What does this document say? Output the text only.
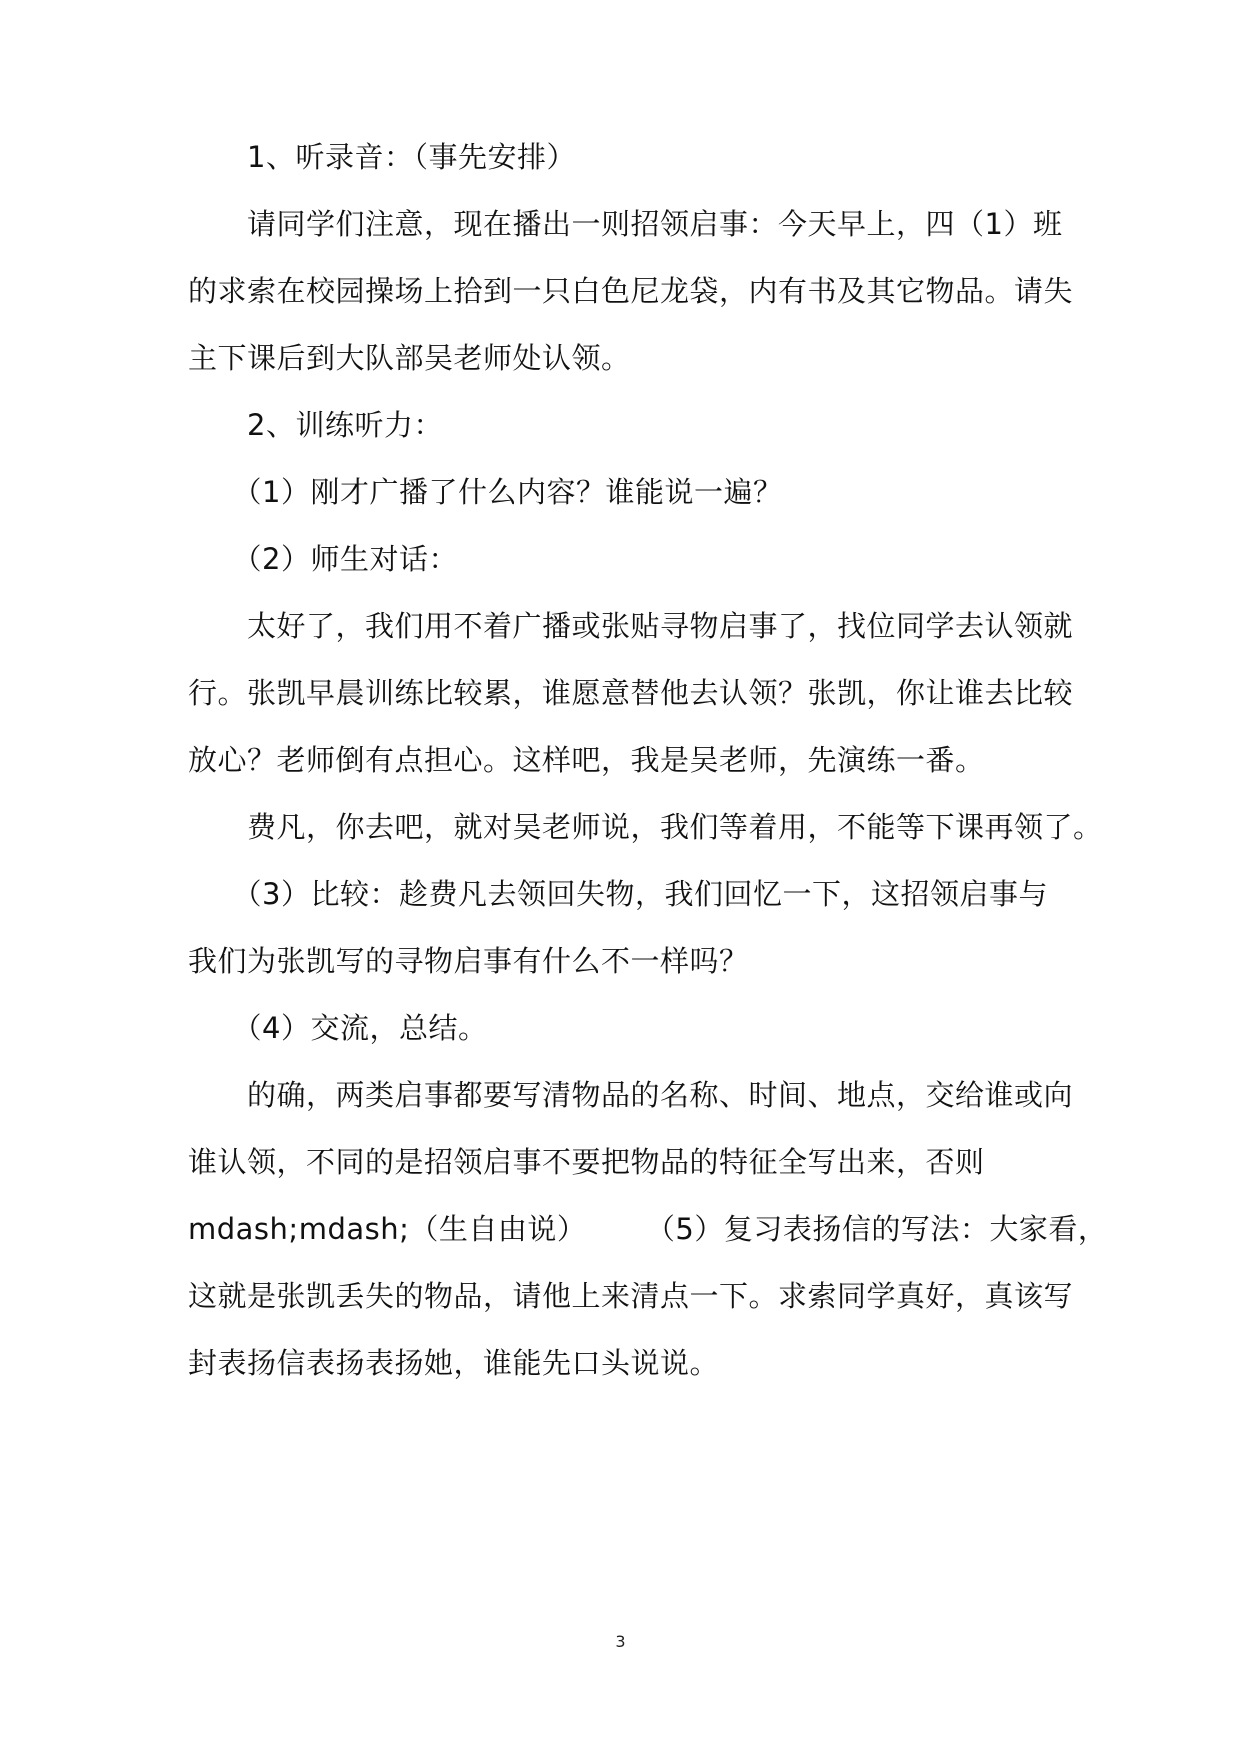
　　1、听录音：（事先安排）
　　请同学们注意，现在播出一则招领启事：今天早上，四（1）班
的求索在校园操场上拾到一只白色尼龙袋，内有书及其它物品。请失
主下课后到大队部吴老师处认领。
　　2、训练听力：
　　（1）刚才广播了什么内容？谁能说一遍？
　　（2）师生对话：
　　太好了，我们用不着广播或张贴寻物启事了，找位同学去认领就
行。张凯早晨训练比较累，谁愿意替他去认领？张凯，你让谁去比较
放心？老师倒有点担心。这样吧，我是吴老师，先演练一番。
　　费凡，你去吧，就对吴老师说，我们等着用，不能等下课再领了。
　　（3）比较：趁费凡去领回失物，我们回忆一下，这招领启事与
我们为张凯写的寻物启事有什么不一样吗？
　　（4）交流，总结。
　　的确，两类启事都要写清物品的名称、时间、地点，交给谁或向
谁认领，不同的是招领启事不要把物品的特征全写出来，否则
mdash;mdash;（生自由说）　　　（5）复习表扬信的写法：大家看，
这就是张凯丢失的物品，请他上来清点一下。求索同学真好，真该写
封表扬信表扬表扬她，谁能先口头说说。
3
